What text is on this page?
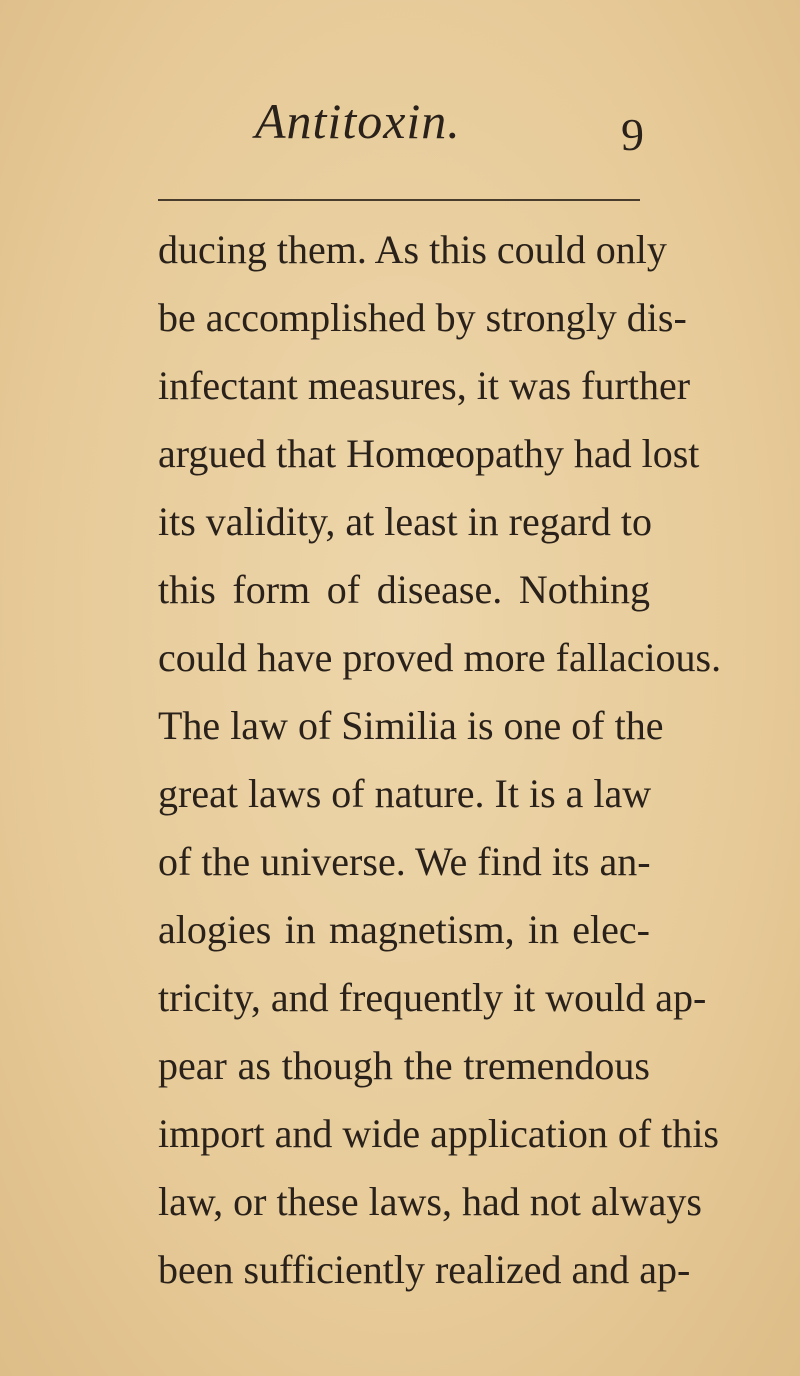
Antitoxin.	9
ducing them. As this could only
be accomplished by strongly dis-
infectant measures, it was further
argued that Homœopathy had lost
its validity, at least in regard to
this form of disease. Nothing
could have proved more fallacious.
The law of Similia is one of the
great laws of nature. It is a law
of the universe. We find its an-
alogies in magnetism, in elec-
tricity, and frequently it would ap-
pear as though the tremendous
import and wide application of this
law, or these laws, had not always
been sufficiently realized and ap-
